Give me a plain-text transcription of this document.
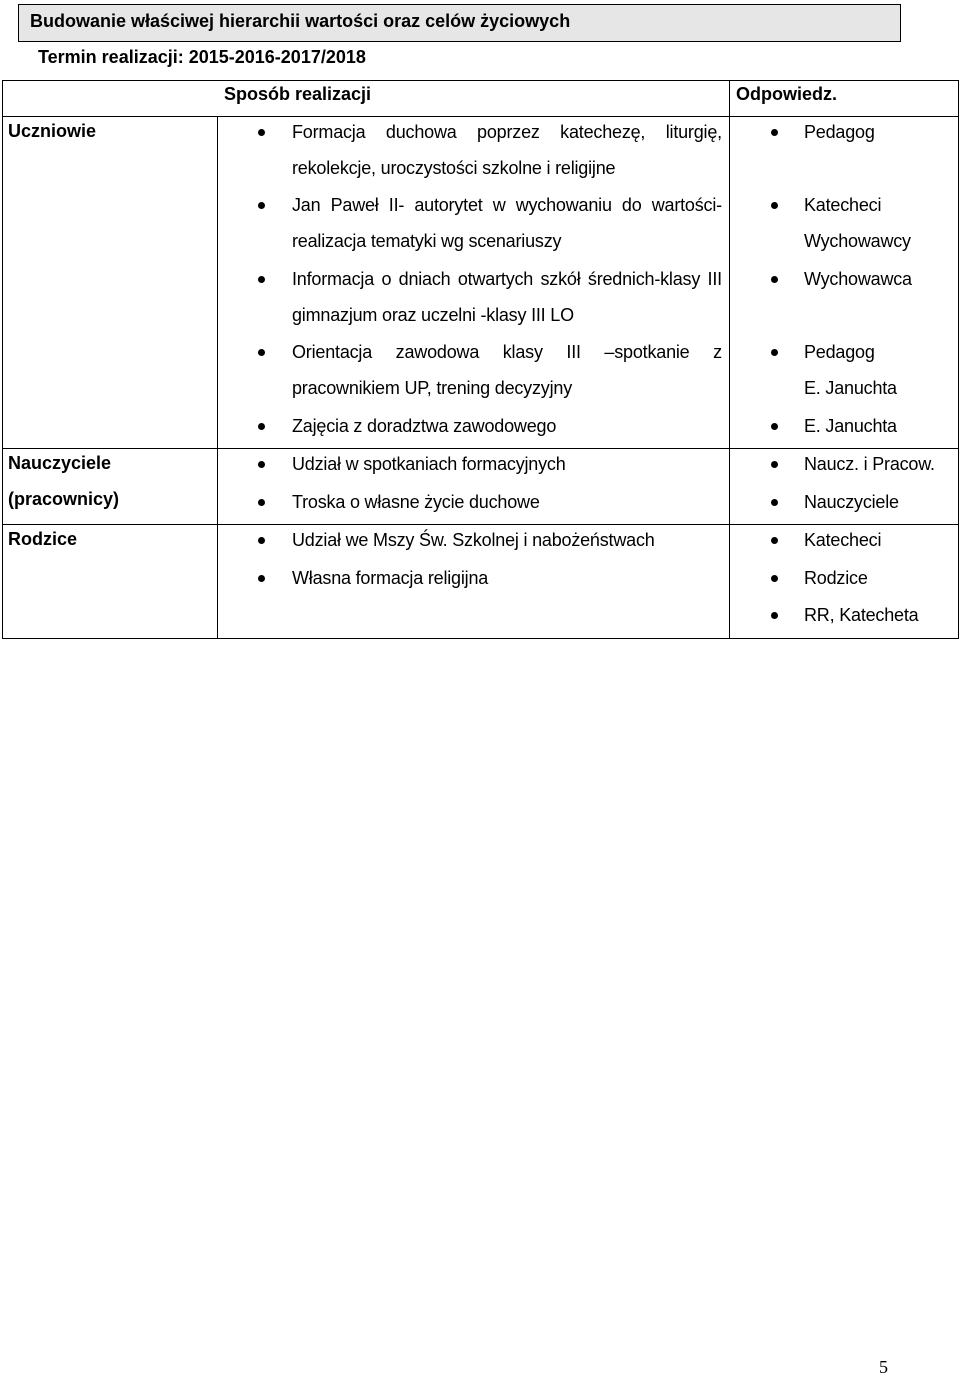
Budowanie właściwej hierarchii wartości oraz celów życiowych
Termin realizacji: 2015-2016-2017/2018
Sposób realizacji	Odpowiedz.
Uczniowie
Nauczyciele
(pracownicy)
Rodzice
Formacja duchowa poprzez katechezę, liturgię,
rekolekcje, uroczystości szkolne i religijne
Jan Paweł II- autorytet w wychowaniu do wartości-
realizacja tematyki wg scenariuszy
Informacja o dniach otwartych szkół średnich-klasy III
gimnazjum oraz uczelni -klasy III LO
Orientacja zawodowa klasy III –spotkanie z
pracownikiem UP, trening decyzyjny
Zajęcia z doradztwa zawodowego
Pedagog
Katecheci
Wychowawcy
Wychowawca
Pedagog
E. Januchta
E. Januchta
Udział w spotkaniach formacyjnych
Troska o własne życie duchowe
Naucz. i Pracow.
Nauczyciele
Udział we Mszy Św. Szkolnej i nabożeństwach
Własna formacja religijna
Katecheci
Rodzice
RR, Katecheta
5
